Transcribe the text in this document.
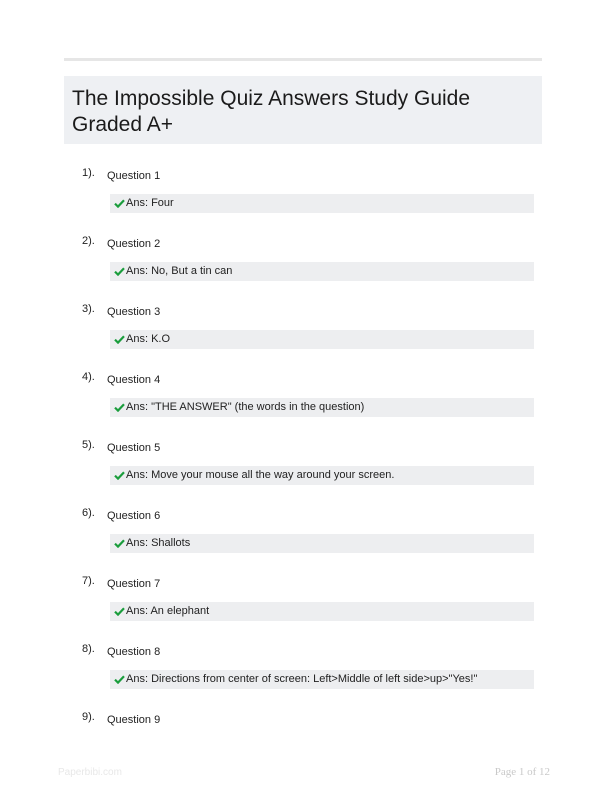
The Impossible Quiz Answers Study Guide Graded A+
1). Question 1
Ans: Four
2). Question 2
Ans: No, But a tin can
3). Question 3
Ans: K.O
4). Question 4
Ans: "THE ANSWER" (the words in the question)
5). Question 5
Ans: Move your mouse all the way around your screen.
6). Question 6
Ans: Shallots
7). Question 7
Ans: An elephant
8). Question 8
Ans: Directions from center of screen: Left>Middle of left side>up>"Yes!"
9). Question 9
Paperbibi.com	Page 1 of 12
